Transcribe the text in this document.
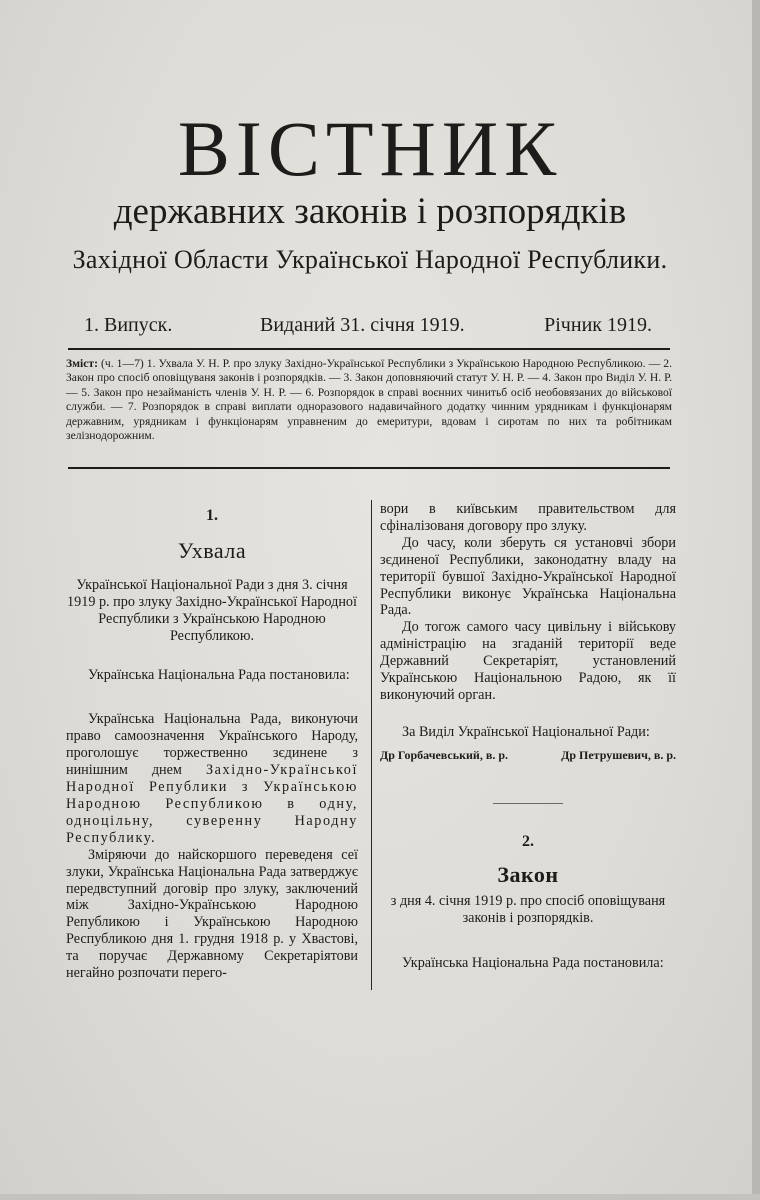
ВІСТНИК
державних законів і розпорядків
Західної Области Української Народної Республики.
1. Випуск.	Виданий 31. січня 1919.	Річник 1919.
Зміст: (ч. 1—7) 1. Ухвала У. Н. Р. про злуку Західно-Української Республики з Українською Народною Республикою. — 2. Закон про спосіб оповіщуваня законів і розпорядків. — 3. Закон доповняючий статут У. Н. Р. — 4. Закон про Виділ У. Н. Р. — 5. Закон про незайманість членів У. Н. Р. — 6. Розпорядок в справі воєнних чинитьб осіб необовязаних до військової служби. — 7. Розпорядок в справі виплати одноразового надавичайного додатку чинним урядникам і функціонарям державним, урядникам і функціонарям управненим до емеритури, вдовам і сиротам по них та робітникам зелізнодорожним.

1.

Ухвала

Української Національної Ради з дня 3. січня 1919 р. про злуку Західно-Української Народної Республики з Українською Народною Республикою.

Українська Національна Рада постановила:

Українська Національна Рада, виконуючи право самоозначення Українського Народу, проголошує торжественно зєдинене з нинішним днем Західно-Української Народної Републики з Українською Народною Республикою в одну, одноцільну, суверенну Народну Республику.

Зміряючи до найскоршого переведеня сеї злуки, Українська Національна Рада затверджує передвступний договір про злуку, заключений між Західно-Українською Народною Републикою і Українською Народною Республикою дня 1. грудня 1918 р. у Хвастові, та поручає Державному Секретаріятови негайно розпочати перего-

вори в київським правительством для сфіналізованя договору про злуку.

До часу, коли зберуть ся установчі збори зєдиненої Республики, законодатну владу на території бувшої Західно-Української Народної Республики виконує Українська Національна Рада.

До тогож самого часу цивільну і військову адміністрацію на згаданій території веде Державний Секретаріят, установлений Українською Національною Радою, як її виконуючий орган.

За Виділ Української Національної Ради:

Др Горбачевський, в. р.	Др Петрушевич, в. р.

2.

Закон

з дня 4. січня 1919 р. про спосіб оповіщуваня законів і розпорядків.

Українська Національна Рада постановила:
